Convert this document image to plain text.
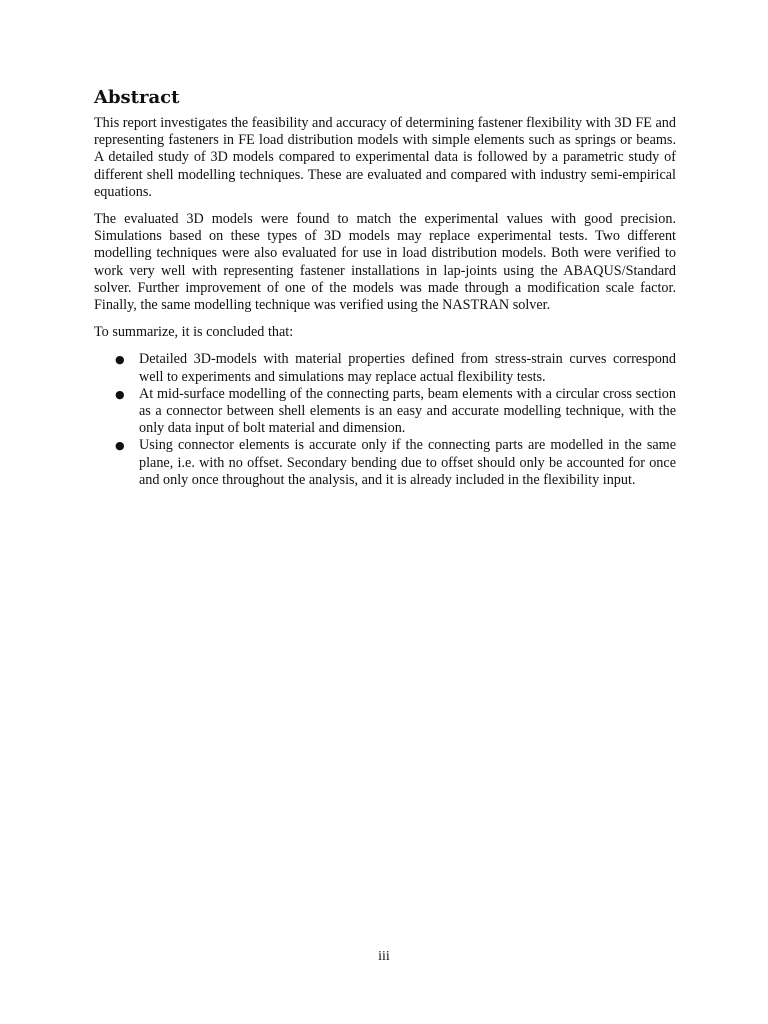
Abstract

This report investigates the feasibility and accuracy of determining fastener flexibility with 3D FE and representing fasteners in FE load distribution models with simple elements such as springs or beams. A detailed study of 3D models compared to experimental data is followed by a parametric study of different shell modelling techniques. These are evaluated and compared with industry semi-empirical equations.

The evaluated 3D models were found to match the experimental values with good precision. Simulations based on these types of 3D models may replace experimental tests. Two different modelling techniques were also evaluated for use in load distribution models. Both were verified to work very well with representing fastener installations in lap-joints using the ABAQUS/Standard solver. Further improvement of one of the models was made through a modification scale factor. Finally, the same modelling technique was verified using the NASTRAN solver.

To summarize, it is concluded that:

● Detailed 3D-models with material properties defined from stress-strain curves correspond well to experiments and simulations may replace actual flexibility tests.
● At mid-surface modelling of the connecting parts, beam elements with a circular cross section as a connector between shell elements is an easy and accurate modelling technique, with the only data input of bolt material and dimension.
● Using connector elements is accurate only if the connecting parts are modelled in the same plane, i.e. with no offset. Secondary bending due to offset should only be accounted for once and only once throughout the analysis, and it is already included in the flexibility input.
iii
